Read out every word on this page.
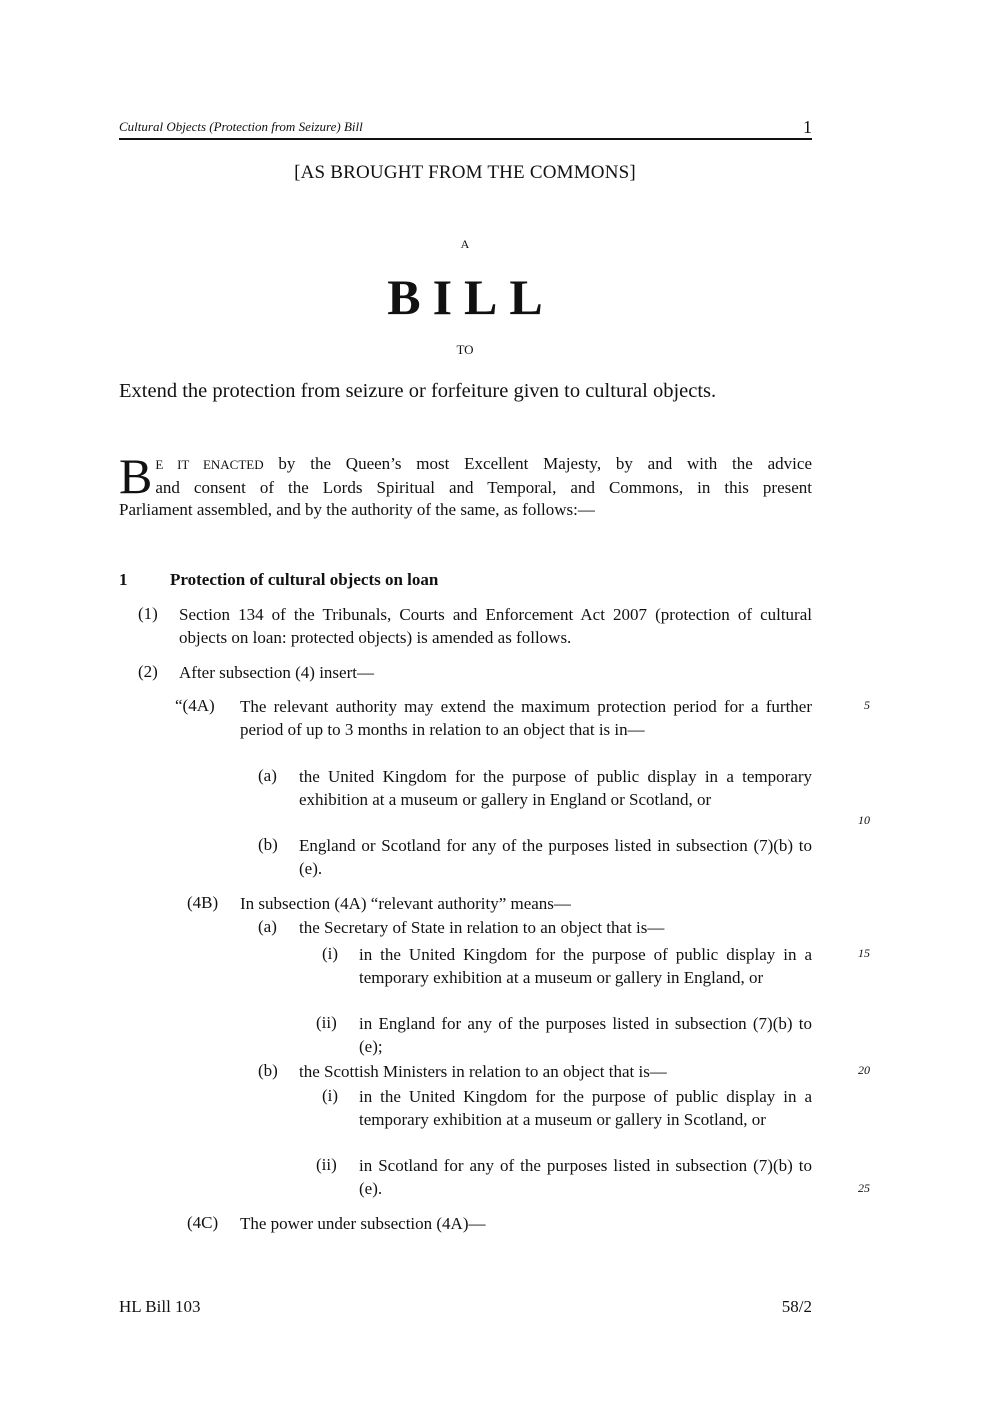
Cultural Objects (Protection from Seizure) Bill	1
[AS BROUGHT FROM THE COMMONS]
A
BILL
TO
Extend the protection from seizure or forfeiture given to cultural objects.
B E IT ENACTED by the Queen’s most Excellent Majesty, by and with the advice
and consent of the Lords Spiritual and Temporal, and Commons, in this present
Parliament assembled, and by the authority of the same, as follows:—
1	Protection of cultural objects on loan
(1) Section 134 of the Tribunals, Courts and Enforcement Act 2007 (protection of cultural objects on loan: protected objects) is amended as follows.
(2) After subsection (4) insert—
“(4A) The relevant authority may extend the maximum protection period for a further period of up to 3 months in relation to an object that is in—
(a) the United Kingdom for the purpose of public display in a temporary exhibition at a museum or gallery in England or Scotland, or
(b) England or Scotland for any of the purposes listed in subsection (7)(b) to (e).
(4B) In subsection (4A) “relevant authority” means—
(a) the Secretary of State in relation to an object that is—
(i) in the United Kingdom for the purpose of public display in a temporary exhibition at a museum or gallery in England, or
(ii) in England for any of the purposes listed in subsection (7)(b) to (e);
(b) the Scottish Ministers in relation to an object that is—
(i) in the United Kingdom for the purpose of public display in a temporary exhibition at a museum or gallery in Scotland, or
(ii) in Scotland for any of the purposes listed in subsection (7)(b) to (e).
(4C) The power under subsection (4A)—
5
10
15
20
25
HL Bill 103	58/2
